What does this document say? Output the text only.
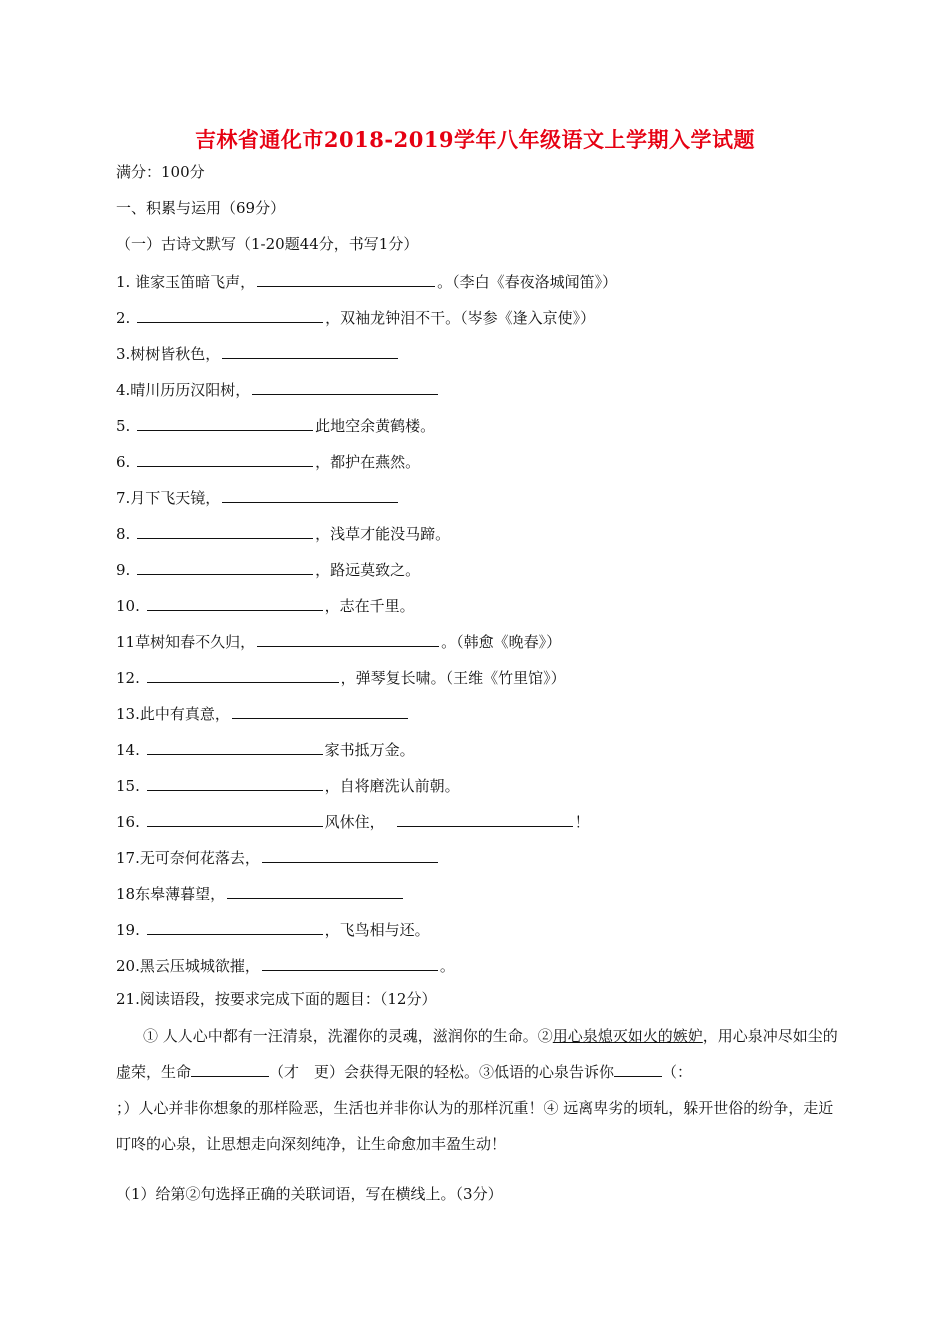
吉林省通化市2018-2019学年八年级语文上学期入学试题
满分：100分
一、积累与运用（69分）
（一）古诗文默写（1-20题44分，书写1分）
1. 谁家玉笛暗飞声，	。（李白《春夜洛城闻笛》）
2.	，双袖龙钟泪不干。（岑参《逢入京使》）
3.树树皆秋色，
4.晴川历历汉阳树，
5.	此地空余黄鹤楼。
6.	，都护在燕然。
7.月下飞天镜，
8.	，浅草才能没马蹄。
9.	，路远莫致之。
10.	，志在千里。
11草树知春不久归，	。（韩愈《晚春》）
12.	，弹琴复长啸。（王维《竹里馆》）
13.此中有真意，
14.	家书抵万金。
15.	，自将磨洗认前朝。
16.	风休住，	！
17.无可奈何花落去，
18东皋薄暮望，
19.	，飞鸟相与还。
20.黑云压城城欲摧，	。
21.阅读语段，按要求完成下面的题目：（12分）
① 人人心中都有一汪清泉，洗濯你的灵魂，滋润你的生命。②用心泉熄灭如火的嫉妒，用心泉冲尽如尘的虚荣，生命	（才　更）会获得无限的轻松。③低语的心泉告诉你	（：
；）人心并非你想象的那样险恶，生活也并非你认为的那样沉重！④ 远离卑劣的顷轧，躲开世俗的纷争，走近叮咚的心泉，让思想走向深刻纯净，让生命愈加丰盈生动！
（1）给第②句选择正确的关联词语，写在横线上。（3分）
